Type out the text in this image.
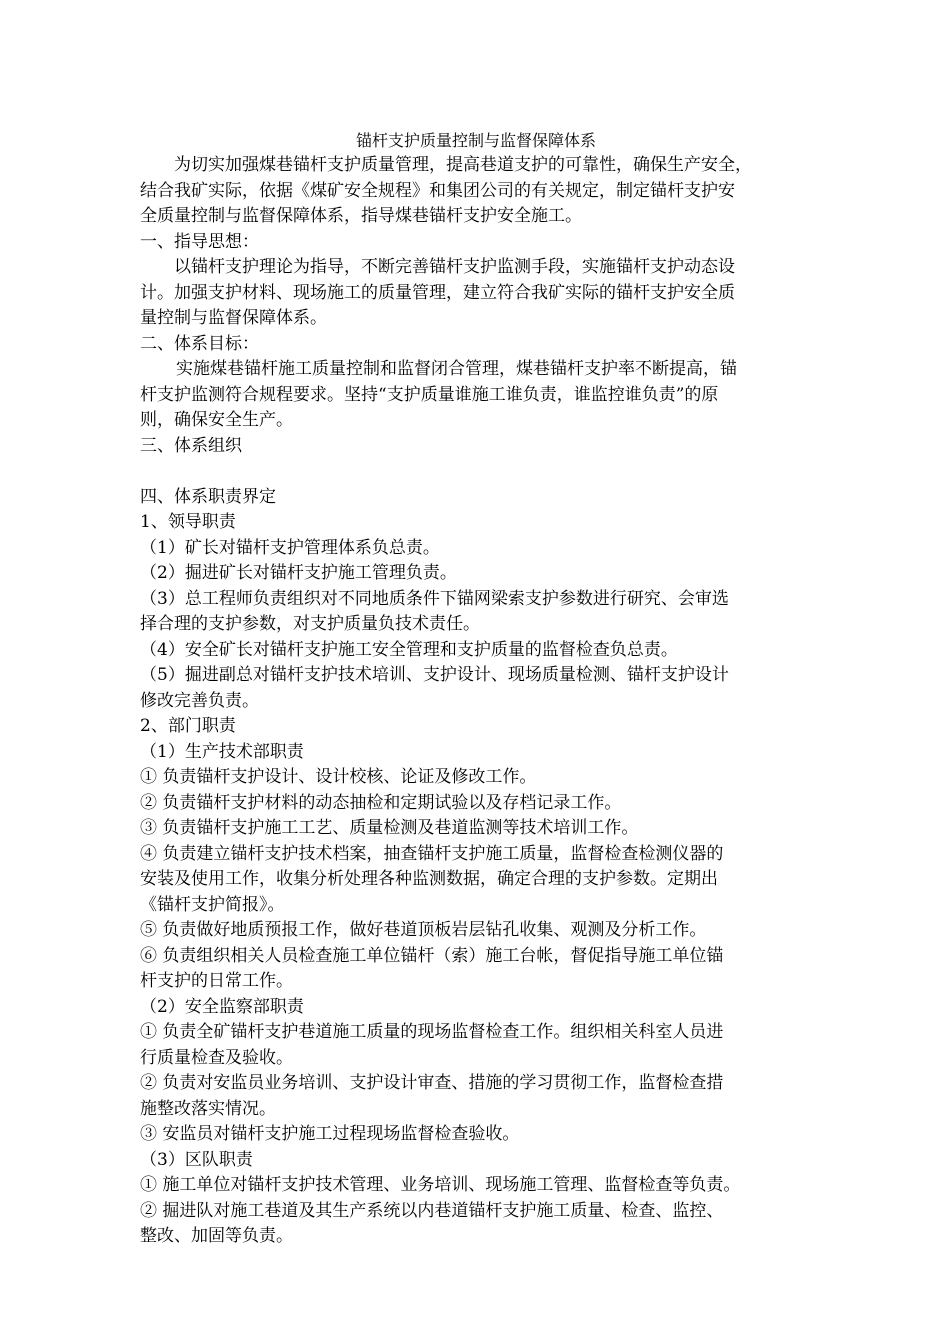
锚杆支护质量控制与监督保障体系

为切实加强煤巷锚杆支护质量管理，提高巷道支护的可靠性，确保生产安全，

结合我矿实际，依据《煤矿安全规程》和集团公司的有关规定，制定锚杆支护安

全质量控制与监督保障体系，指导煤巷锚杆支护安全施工。

一、指导思想：

以锚杆支护理论为指导，不断完善锚杆支护监测手段，实施锚杆支护动态设

计。加强支护材料、现场施工的质量管理，建立符合我矿实际的锚杆支护安全质

量控制与监督保障体系。

二、体系目标：

实施煤巷锚杆施工质量控制和监督闭合管理，煤巷锚杆支护率不断提高，锚

杆支护监测符合规程要求。坚持“支护质量谁施工谁负责，谁监控谁负责”的原

则，确保安全生产。

三、体系组织

四、体系职责界定

1、领导职责

（1）矿长对锚杆支护管理体系负总责。

（2）掘进矿长对锚杆支护施工管理负责。

（3）总工程师负责组织对不同地质条件下锚网梁索支护参数进行研究、会审选

择合理的支护参数，对支护质量负技术责任。

（4）安全矿长对锚杆支护施工安全管理和支护质量的监督检查负总责。

（5）掘进副总对锚杆支护技术培训、支护设计、现场质量检测、锚杆支护设计

修改完善负责。

2、部门职责

（1）生产技术部职责

① 负责锚杆支护设计、设计校核、论证及修改工作。

② 负责锚杆支护材料的动态抽检和定期试验以及存档记录工作。

③ 负责锚杆支护施工工艺、质量检测及巷道监测等技术培训工作。

④ 负责建立锚杆支护技术档案，抽查锚杆支护施工质量，监督检查检测仪器的

安装及使用工作，收集分析处理各种监测数据，确定合理的支护参数。定期出

《锚杆支护简报》。

⑤ 负责做好地质预报工作，做好巷道顶板岩层钻孔收集、观测及分析工作。

⑥ 负责组织相关人员检查施工单位锚杆（索）施工台帐，督促指导施工单位锚

杆支护的日常工作。

（2）安全监察部职责

① 负责全矿锚杆支护巷道施工质量的现场监督检查工作。组织相关科室人员进

行质量检查及验收。

② 负责对安监员业务培训、支护设计审查、措施的学习贯彻工作，监督检查措

施整改落实情况。

③ 安监员对锚杆支护施工过程现场监督检查验收。

（3）区队职责

① 施工单位对锚杆支护技术管理、业务培训、现场施工管理、监督检查等负责。

② 掘进队对施工巷道及其生产系统以内巷道锚杆支护施工质量、检查、监控、

整改、加固等负责。
